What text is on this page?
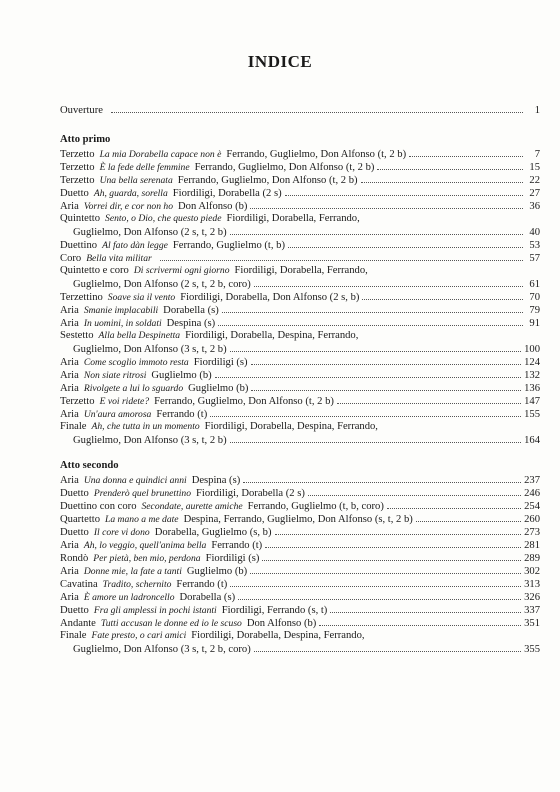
INDICE
Ouverture	1
Atto primo
Terzetto La mia Dorabella capace non è Ferrando, Guglielmo, Don Alfonso (t, 2 b)	7
Terzetto È la fede delle femmine Ferrando, Guglielmo, Don Alfonso (t, 2 b)	15
Terzetto Una bella serenata Ferrando, Guglielmo, Don Alfonso (t, 2 b)	22
Duetto Ah, guarda, sorella Fiordiligi, Dorabella (2 s)	27
Aria Vorrei dir, e cor non ho Don Alfonso (b)	36
Quintetto Sento, o Dio, che questo piede Fiordiligi, Dorabella, Ferrando,
Guglielmo, Don Alfonso (2 s, t, 2 b)	40
Duettino Al fato dàn legge Ferrando, Guglielmo (t, b)	53
Coro Bella vita militar	57
Quintetto e coro Di scrivermi ogni giorno Fiordiligi, Dorabella, Ferrando,
Guglielmo, Don Alfonso (2 s, t, 2 b, coro)	61
Terzettino Soave sia il vento Fiordiligi, Dorabella, Don Alfonso (2 s, b)	70
Aria Smanie implacabili Dorabella (s)	79
Aria In uomini, in soldati Despina (s)	91
Sestetto Alla bella Despinetta Fiordiligi, Dorabella, Despina, Ferrando,
Guglielmo, Don Alfonso (3 s, t, 2 b)	100
Aria Come scoglio immoto resta Fiordiligi (s)	124
Aria Non siate ritrosi Guglielmo (b)	132
Aria Rivolgete a lui lo sguardo Guglielmo (b)	136
Terzetto E voi ridete? Ferrando, Guglielmo, Don Alfonso (t, 2 b)	147
Aria Un'aura amorosa Ferrando (t)	155
Finale Ah, che tutta in un momento Fiordiligi, Dorabella, Despina, Ferrando,
Guglielmo, Don Alfonso (3 s, t, 2 b)	164
Atto secondo
Aria Una donna e quindici anni Despina (s)	237
Duetto Prenderò quel brunettino Fiordiligi, Dorabella (2 s)	246
Duettino con coro Secondate, aurette amiche Ferrando, Guglielmo (t, b, coro)	254
Quartetto La mano a me date Despina, Ferrando, Guglielmo, Don Alfonso (s, t, 2 b)	260
Duetto Il core vi dono Dorabella, Guglielmo (s, b)	273
Aria Ah, lo veggio, quell'anima bella Ferrando (t)	281
Rondò Per pietà, ben mio, perdona Fiordiligi (s)	289
Aria Donne mie, la fate a tanti Guglielmo (b)	302
Cavatina Tradito, schernito Ferrando (t)	313
Aria È amore un ladroncello Dorabella (s)	326
Duetto Fra gli amplessi in pochi istanti Fiordiligi, Ferrando (s, t)	337
Andante Tutti accusan le donne ed io le scuso Don Alfonso (b)	351
Finale Fate presto, o cari amici Fiordiligi, Dorabella, Despina, Ferrando,
Guglielmo, Don Alfonso (3 s, t, 2 b, coro)	355
